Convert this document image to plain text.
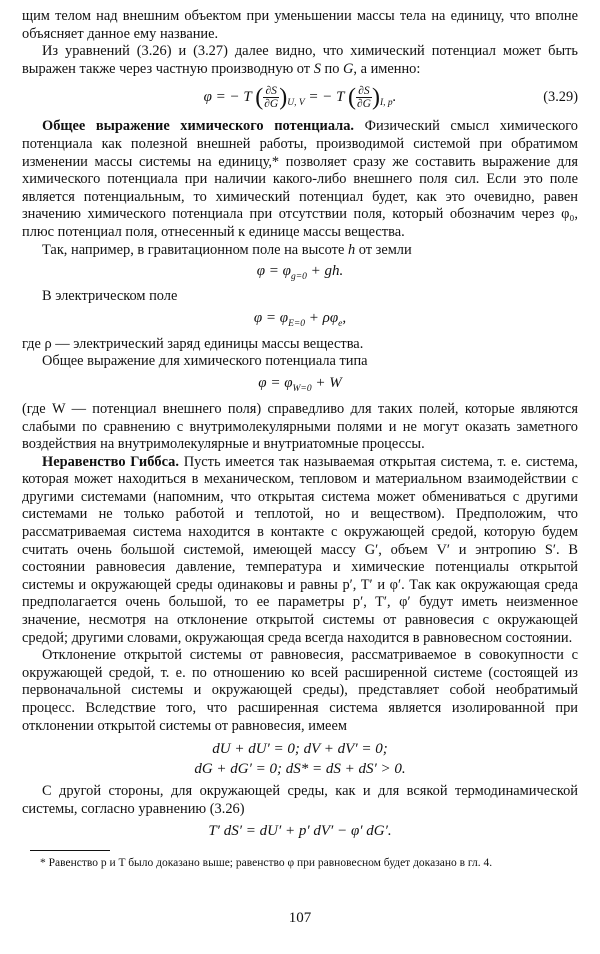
щим телом над внешним объектом при уменьшении массы тела на единицу, что вполне объясняет данное ему название.

Из уравнений (3.26) и (3.27) далее видно, что химический потенциал может быть выражен также через частную производную от S по G, а именно:

φ = − T ( $\frac{\partial S}{\partial G} )_{U, V}$ = − T ( $\frac{\partial S}{\partial G} )_{I, p}$.	(3.29)

Общее выражение химического потенциала. Физический смысл химического потенциала как полезной внешней работы, производимой системой при обратимом изменении массы системы на единицу,* позволяет сразу же составить выражение для химического потенциала при наличии какого-либо внешнего поля сил. Если это поле является потенциальным, то химический потенциал будет, как это очевидно, равен значению химического потенциала при отсутствии поля, который обозначим через φ₀, плюс потенциал поля, отнесенный к единице массы вещества.

Так, например, в гравитационном поле на высоте h от земли

$\varphi = \varphi_{g=0}$ + gh.

В электрическом поле

$\varphi = \varphi_{E=0} + \rho\varphi_e$,

где ρ — электрический заряд единицы массы вещества.

Общее выражение для химического потенциала типа

$\varphi = \varphi_{W=0} + W$

(где W — потенциал внешнего поля) справедливо для таких полей, которые являются слабыми по сравнению с внутримолекулярными полями и не могут оказать заметного воздействия на внутримолекулярные и внутриатомные процессы.

Неравенство Гиббса. Пусть имеется так называемая открытая система, т. е. система, которая может находиться в механическом, тепловом и материальном взаимодействии с другими системами (напомним, что открытая система может обмениваться с другими системами не только работой и теплотой, но и веществом). Предположим, что рассматриваемая система находится в контакте с окружающей средой, которую будем считать очень большой системой, имеющей массу G′, объем V′ и энтропию S′. В состоянии равновесия давление, температура и химические потенциалы открытой системы и окружающей среды одинаковы и равны p′, T′ и φ′. Так как окружающая среда предполагается очень большой, то ее параметры p′, T′, φ′ будут иметь неизменное значение, несмотря на отклонение открытой системы от равновесия с окружающей средой; другими словами, окружающая среда всегда находится в равновесном состоянии.

Отклонение открытой системы от равновесия, рассматриваемое в совокупности с окружающей средой, т. е. по отношению ко всей расширенной системе (состоящей из первоначальной системы и окружающей среды), представляет собой необратимый процесс. Вследствие того, что расширенная система является изолированной при отклонении открытой системы от равновесия, имеем

dU + dU′ = 0; dV + dV′ = 0;
dG + dG′ = 0; dS* = dS + dS′ > 0.

С другой стороны, для окружающей среды, как и для всякой термодинамической системы, согласно уравнению (3.26)

T′ dS′ = dU′ + p′ dV′ − φ′ dG′.

* Равенство p и T было доказано выше; равенство φ при равновесном будет доказано в гл. 4.

107
